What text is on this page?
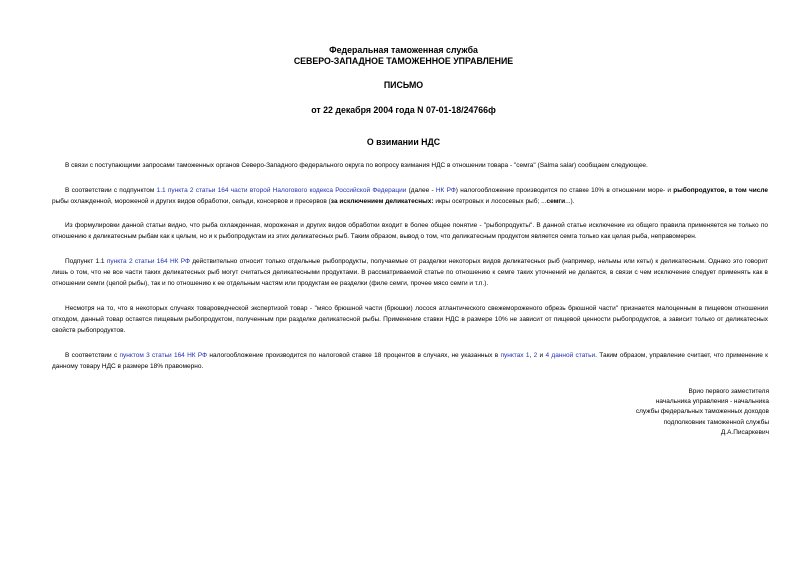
Федеральная таможенная служба
СЕВЕРО-ЗАПАДНОЕ ТАМОЖЕННОЕ УПРАВЛЕНИЕ
ПИСЬМО
от 22 декабря 2004 года N 07-01-18/24766ф
О взимании НДС

В связи с поступающими запросами таможенных органов Северо-Западного федерального округа по вопросу взимания НДС в отношении товара - "семга" (Salma salar) сообщаем следующее.

В соответствии с подпунктом 1.1 пункта 2 статьи 164 части второй Налогового кодекса Российской Федерации (далее - НК РФ) налогообложение производится по ставке 10% в отношении море- и рыбопродуктов, в том числе рыбы охлажденной, мороженой и других видов обработки, сельди, консервов и пресервов (за исключением деликатесных: икры осетровых и лососевых рыб; ...семги...).

Из формулировки данной статьи видно, что рыба охлажденная, мороженая и других видов обработки входит в более общее понятие - "рыбопродукты". В данной статье исключение из общего правила применяется не только по отношению к деликатесным рыбам как к целым, но и к рыбопродуктам из этих деликатесных рыб. Таким образом, вывод о том, что деликатесным продуктом является семга только как целая рыба, неправомерен.

Подпункт 1.1 пункта 2 статьи 164 НК РФ действительно относит только отдельные рыбопродукты, получаемые от разделки некоторых видов деликатесных рыб (например, нельмы или кеты) к деликатесным. Однако это говорит лишь о том, что не все части таких деликатесных рыб могут считаться деликатесными продуктами. В рассматриваемой статье по отношению к семге таких уточнений не делается, в связи с чем исключение следует применять как в отношении семги (целой рыбы), так и по отношению к ее отдельным частям или продуктам ее разделки (филе семги, прочее мясо семги и т.п.).

Несмотря на то, что в некоторых случаях товароведческой экспертизой товар - "мясо брюшной части (брюшки) лосося атлантического свежемороженого обрезь брюшной части" признается малоценным в пищевом отношении отходом, данный товар остается пищевым рыбопродуктом, полученным при разделке деликатесной рыбы. Применение ставки НДС в размере 10% не зависит от пищевой ценности рыбопродуктов, а зависит только от деликатесных свойств рыбопродуктов.

В соответствии с пунктом 3 статьи 164 НК РФ налогообложение производится по налоговой ставке 18 процентов в случаях, не указанных в пунктах 1, 2 и 4 данной статьи. Таким образом, управление считает, что применение к данному товару НДС в размере 18% правомерно.

Врио первого заместителя
начальника управления - начальника
службы федеральных таможенных доходов
подполковник таможенной службы
Д.А.Писаркевич
